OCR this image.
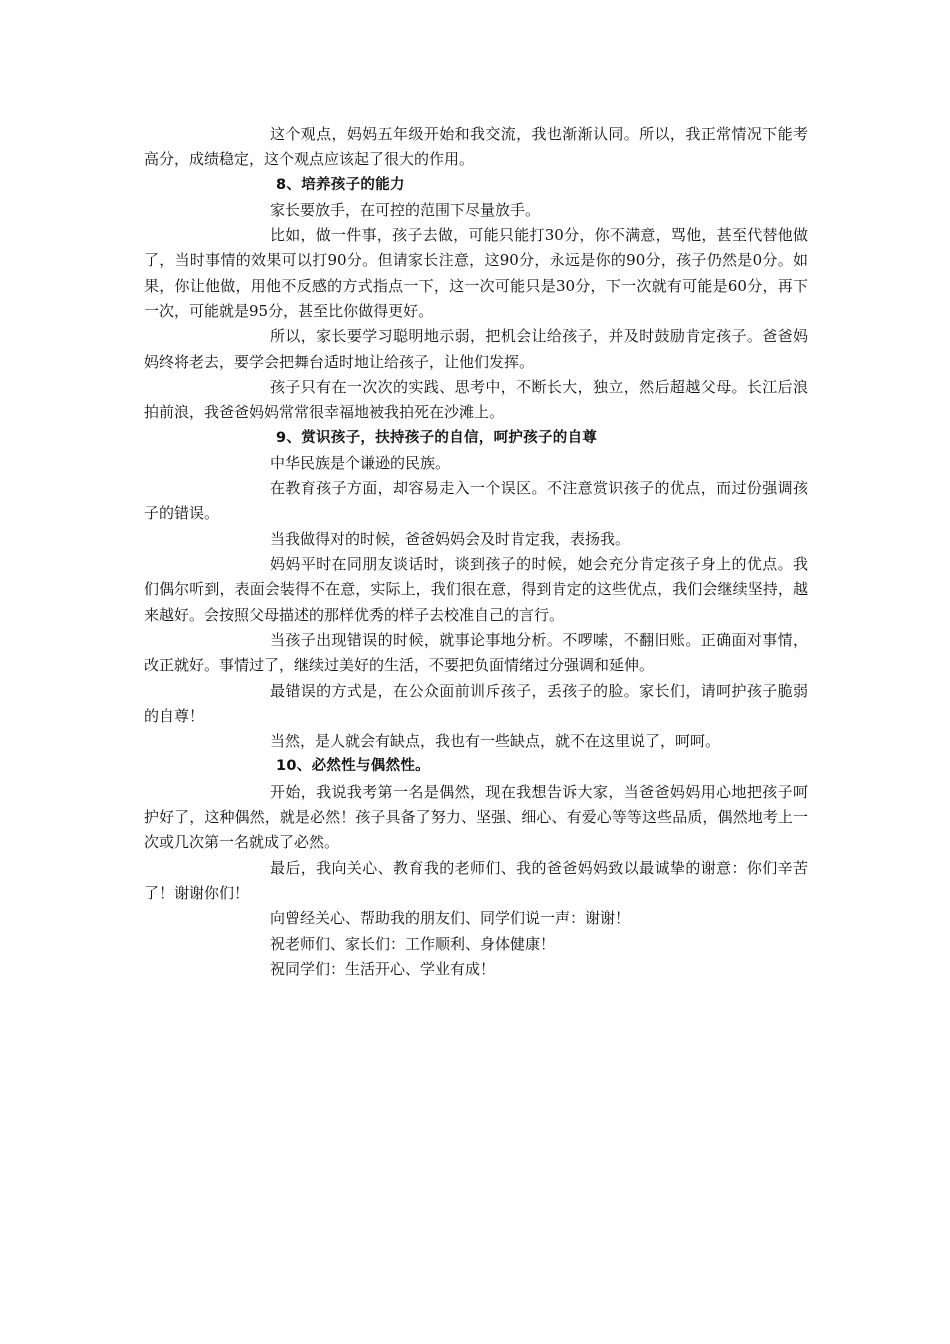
这个观点，妈妈五年级开始和我交流，我也渐渐认同。所以，我正常情况下能考高分，成绩稳定，这个观点应该起了很大的作用。

8、培养孩子的能力

家长要放手，在可控的范围下尽量放手。

比如，做一件事，孩子去做，可能只能打30分，你不满意，骂他，甚至代替他做了，当时事情的效果可以打90分。但请家长注意，这90分，永远是你的90分，孩子仍然是0分。如果，你让他做，用他不反感的方式指点一下，这一次可能只是30分，下一次就有可能是60分，再下一次，可能就是95分，甚至比你做得更好。

所以，家长要学习聪明地示弱，把机会让给孩子，并及时鼓励肯定孩子。爸爸妈妈终将老去，要学会把舞台适时地让给孩子，让他们发挥。

孩子只有在一次次的实践、思考中，不断长大，独立，然后超越父母。长江后浪拍前浪，我爸爸妈妈常常很幸福地被我拍死在沙滩上。

9、赏识孩子，扶持孩子的自信，呵护孩子的自尊

中华民族是个谦逊的民族。

在教育孩子方面，却容易走入一个误区。不注意赏识孩子的优点，而过份强调孩子的错误。

当我做得对的时候，爸爸妈妈会及时肯定我，表扬我。

妈妈平时在同朋友谈话时，谈到孩子的时候，她会充分肯定孩子身上的优点。我们偶尔听到，表面会装得不在意，实际上，我们很在意，得到肯定的这些优点，我们会继续坚持，越来越好。会按照父母描述的那样优秀的样子去校准自己的言行。

当孩子出现错误的时候，就事论事地分析。不啰嗦，不翻旧账。正确面对事情，改正就好。事情过了，继续过美好的生活，不要把负面情绪过分强调和延伸。

最错误的方式是，在公众面前训斥孩子，丢孩子的脸。家长们，请呵护孩子脆弱的自尊！

当然，是人就会有缺点，我也有一些缺点，就不在这里说了，呵呵。

10、必然性与偶然性。

开始，我说我考第一名是偶然，现在我想告诉大家，当爸爸妈妈用心地把孩子呵护好了，这种偶然，就是必然！孩子具备了努力、坚强、细心、有爱心等等这些品质，偶然地考上一次或几次第一名就成了必然。

最后，我向关心、教育我的老师们、我的爸爸妈妈致以最诚挚的谢意：你们辛苦了！谢谢你们！

向曾经关心、帮助我的朋友们、同学们说一声：谢谢！

祝老师们、家长们：工作顺利、身体健康！

祝同学们：生活开心、学业有成！
